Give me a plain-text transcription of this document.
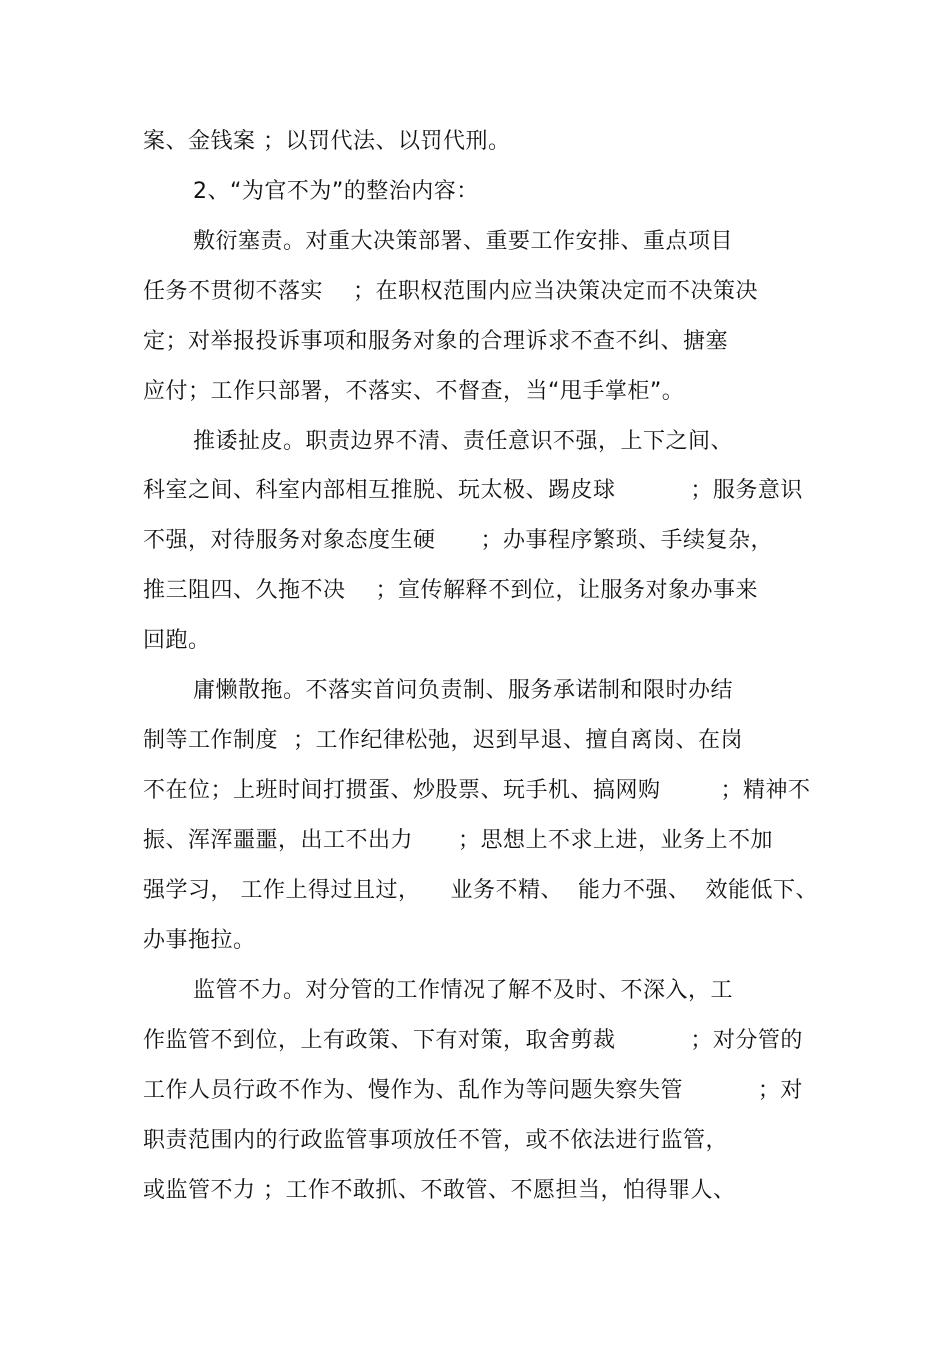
案、金钱案 ；以罚代法、以罚代刑。
2、“为官不为”的整治内容：
敷衍塞责。对重大决策部署、重要工作安排、重点项目
任务不贯彻不落实    ；在职权范围内应当决策决定而不决策决
定；对举报投诉事项和服务对象的合理诉求不查不纠、搪塞
应付；工作只部署，不落实、不督查，当“甩手掌柜”。
推诿扯皮。职责边界不清、责任意识不强，上下之间、
科室之间、科室内部相互推脱、玩太极、踢皮球          ；服务意识
不强，对待服务对象态度生硬      ；办事程序繁琐、手续复杂，
推三阻四、久拖不决    ；宣传解释不到位，让服务对象办事来
回跑。
庸懒散拖。不落实首问负责制、服务承诺制和限时办结
制等工作制度  ；工作纪律松弛，迟到早退、擅自离岗、在岗
不在位；上班时间打掼蛋、炒股票、玩手机、搞网购        ；精神不
振、浑浑噩噩，出工不出力      ；思想上不求上进，业务上不加
强学习， 工作上得过且过，    业务不精、  能力不强、  效能低下、
办事拖拉。
监管不力。对分管的工作情况了解不及时、不深入，工
作监管不到位，上有政策、下有对策，取舍剪裁          ；对分管的
工作人员行政不作为、慢作为、乱作为等问题失察失管          ；对
职责范围内的行政监管事项放任不管，或不依法进行监管，
或监管不力 ；工作不敢抓、不敢管、不愿担当，怕得罪人、
